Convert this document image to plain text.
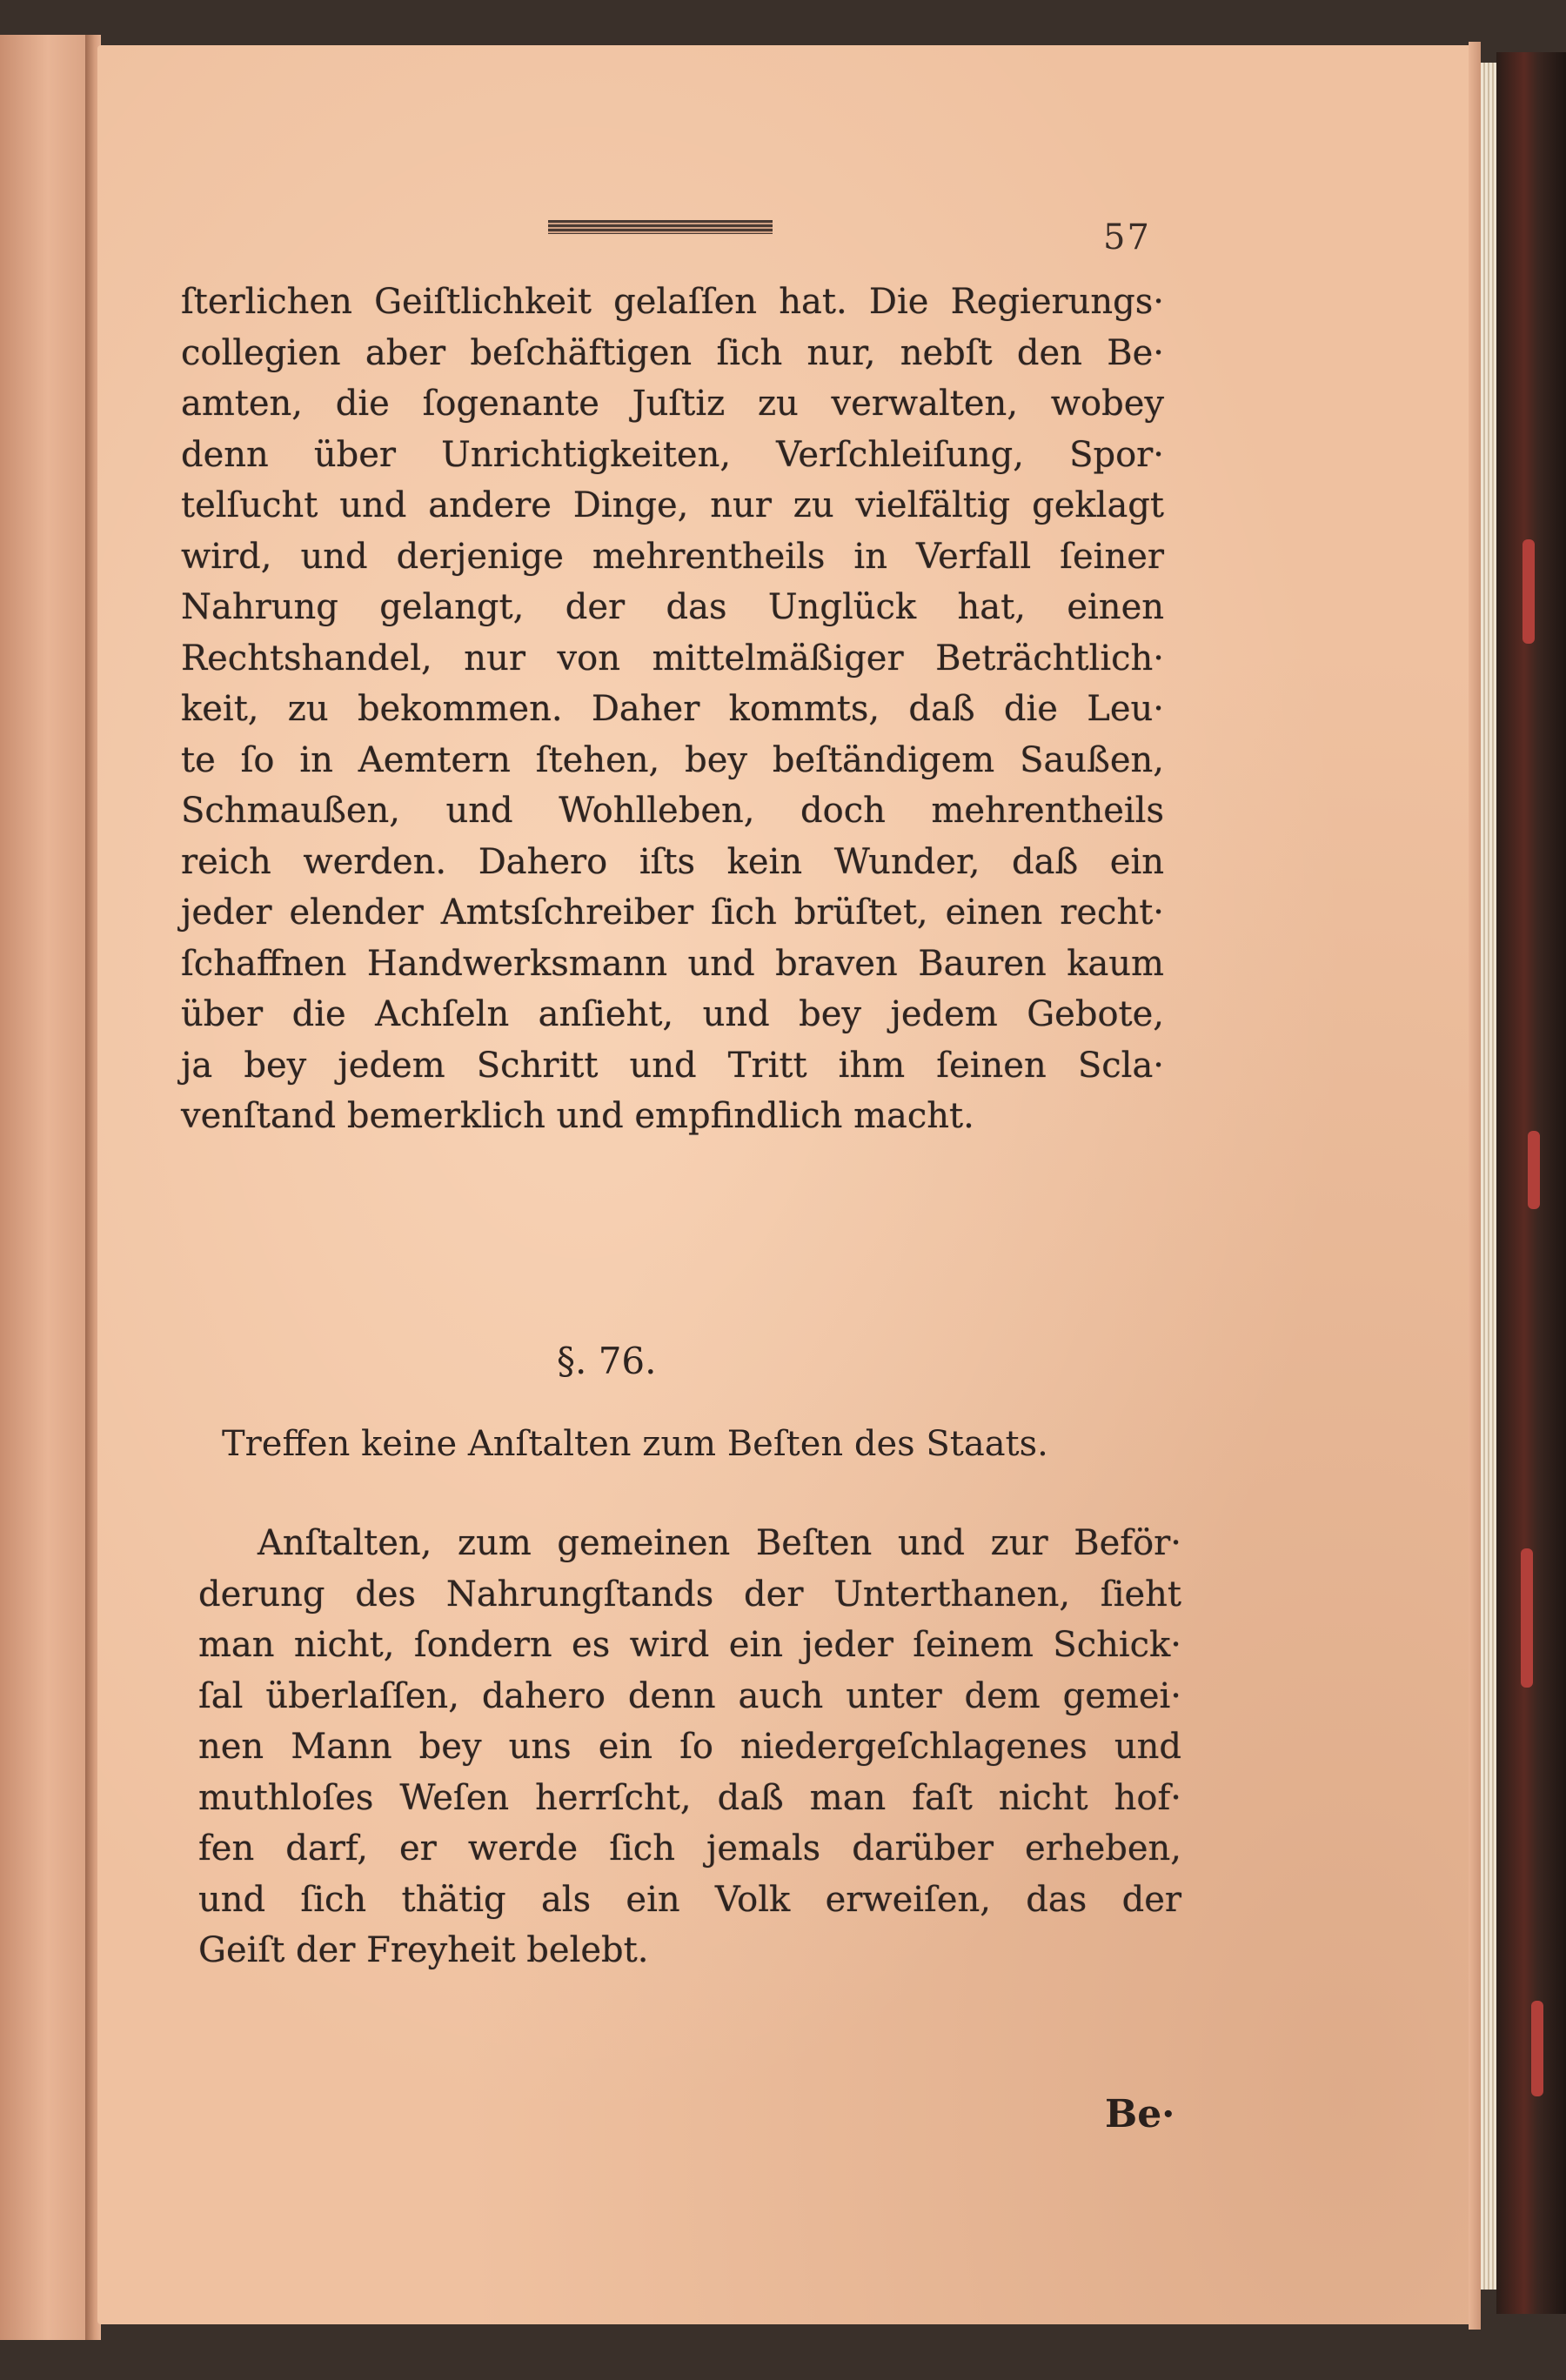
57
ſterlichen Geiſtlichkeit gelaſſen hat. Die Regierungs·
collegien aber beſchäftigen ſich nur, nebſt den Be·
amten, die ſogenante Juſtiz zu verwalten, wobey
denn über Unrichtigkeiten, Verſchleiſung, Spor·
telſucht und andere Dinge, nur zu vielfältig geklagt
wird, und derjenige mehrentheils in Verfall ſeiner
Nahrung gelangt, der das Unglück hat, einen
Rechtshandel, nur von mittelmäßiger Beträchtlich·
keit, zu bekommen. Daher kommts, daß die Leu·
te ſo in Aemtern ſtehen, bey beſtändigem Saußen,
Schmaußen, und Wohlleben, doch mehrentheils
reich werden. Dahero iſts kein Wunder, daß ein
jeder elender Amtsſchreiber ſich brüſtet, einen recht·
ſchaffnen Handwerksmann und braven Bauren kaum
über die Achſeln anſieht, und bey jedem Gebote,
ja bey jedem Schritt und Tritt ihm ſeinen Scla·
venſtand bemerklich und empfindlich macht.
§. 76.
Treffen keine Anſtalten zum Beſten des Staats.
Anſtalten, zum gemeinen Beſten und zur Beför·
derung des Nahrungſtands der Unterthanen, ſieht
man nicht, ſondern es wird ein jeder ſeinem Schick·
ſal überlaſſen, dahero denn auch unter dem gemei·
nen Mann bey uns ein ſo niedergeſchlagenes und
muthloſes Weſen herrſcht, daß man faſt nicht hof·
fen darf, er werde ſich jemals darüber erheben,
und ſich thätig als ein Volk erweiſen, das der
Geiſt der Freyheit belebt.
Be·
